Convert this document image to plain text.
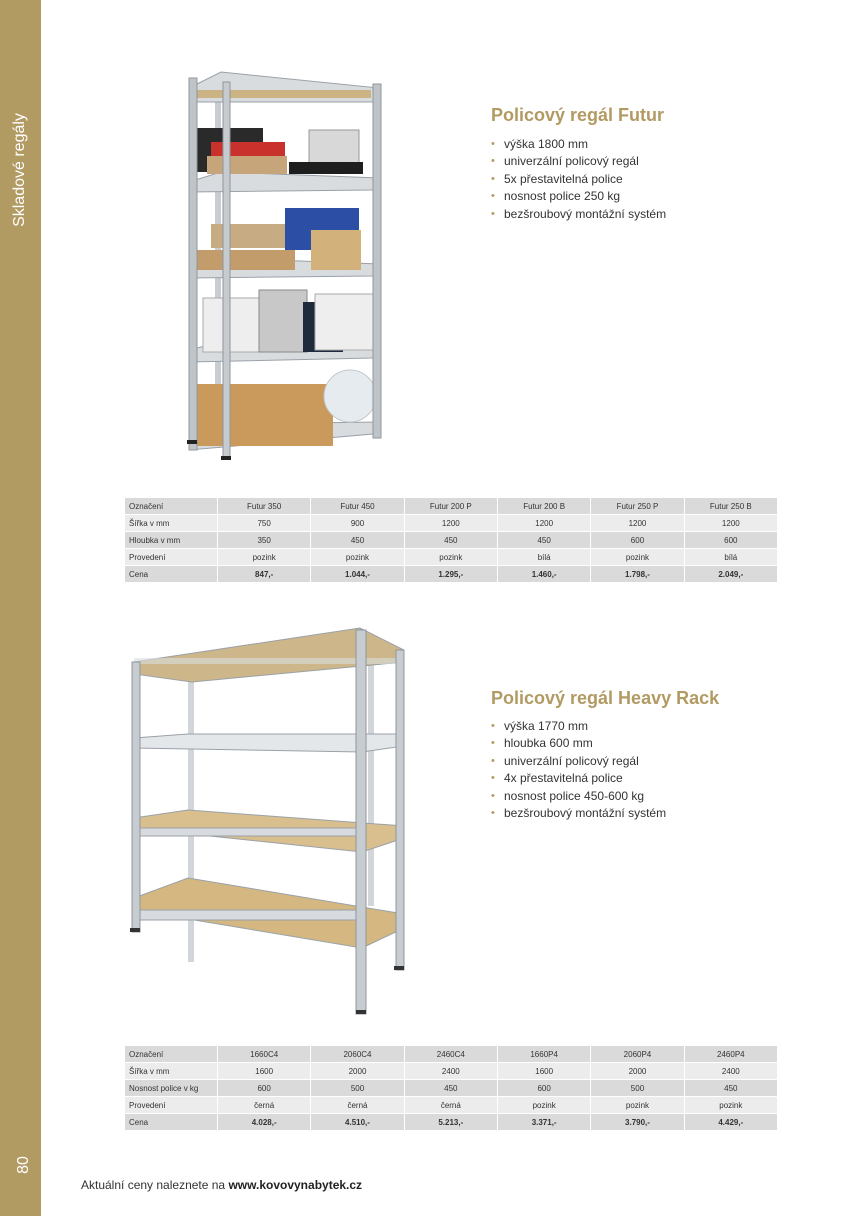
Skladové regály
80
Policový regál Futur
• výška 1800 mm
• univerzální policový regál
• 5x přestavitelná police
• nosnost police 250 kg
• bezšroubový montážní systém
Označení	Futur 350	Futur 450	Futur 200 P	Futur 200 B	Futur 250 P	Futur 250 B
Šířka v mm	750	900	1200	1200	1200	1200
Hloubka v mm	350	450	450	450	600	600
Provedení	pozink	pozink	pozink	bílá	pozink	bílá
Cena	847,-	1.044,-	1.295,-	1.460,-	1.798,-	2.049,-
Policový regál Heavy Rack
• výška 1770 mm
• hloubka 600 mm
• univerzální policový regál
• 4x přestavitelná police
• nosnost police 450-600 kg
• bezšroubový montážní systém
Označení	1660C4	2060C4	2460C4	1660P4	2060P4	2460P4
Šířka v mm	1600	2000	2400	1600	2000	2400
Nosnost police v kg	600	500	450	600	500	450
Provedení	černá	černá	černá	pozink	pozink	pozink
Cena	4.028,-	4.510,-	5.213,-	3.371,-	3.790,-	4.429,-
Aktuální ceny naleznete na www.kovovynabytek.cz
